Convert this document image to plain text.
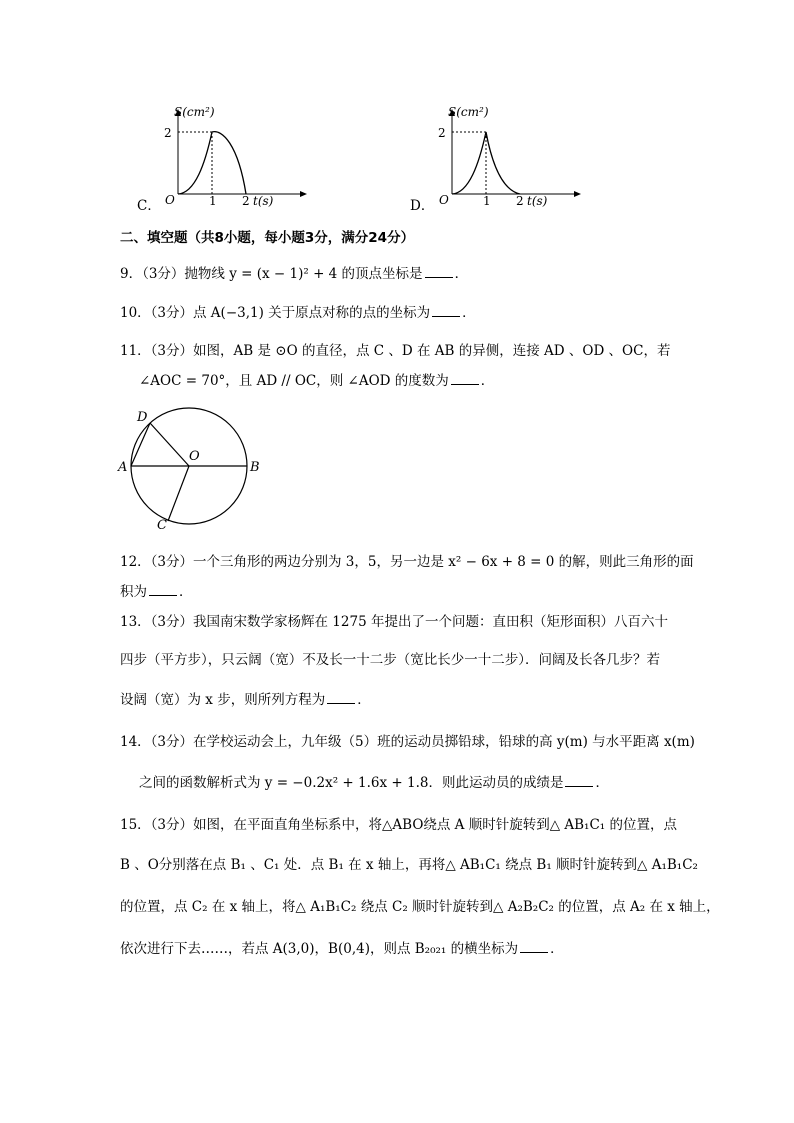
C．
S(cm²)
2
O	1 2 t(s)	D．
S(cm²)
2
O	1 2 t(s)
二、填空题（共8小题，每小题3分，满分24分）
9．（3分）抛物线 y = (x − 1)² + 4 的顶点坐标是 ．
10．（3分）点 A(−3,1) 关于原点对称的点的坐标为 ．
11．（3分）如图，AB 是 ⊙O 的直径，点 C 、D 在 AB 的异侧，连接 AD 、OD 、OC，若
∠AOC = 70°，且 AD // OC，则 ∠AOD 的度数为 ．
D
A
O
B
C
12．（3分）一个三角形的两边分别为 3，5，另一边是 x² − 6x + 8 = 0 的解，则此三角形的面
积为 ．
13．（3分）我国南宋数学家杨辉在 1275 年提出了一个问题：直田积（矩形面积）八百六十
四步（平方步），只云阔（宽）不及长一十二步（宽比长少一十二步）．问阔及长各几步？若
设阔（宽）为 x 步，则所列方程为 ．
14．（3分）在学校运动会上，九年级（5）班的运动员掷铅球，铅球的高 y(m) 与水平距离 x(m)
之间的函数解析式为 y = −0.2x² + 1.6x + 1.8．则此运动员的成绩是 ．
15．（3分）如图，在平面直角坐标系中，将△ABO绕点 A 顺时针旋转到△ AB₁C₁ 的位置，点
B 、O分别落在点 B₁ 、C₁ 处．点 B₁ 在 x 轴上，再将△ AB₁C₁ 绕点 B₁ 顺时针旋转到△ A₁B₁C₂
的位置，点 C₂ 在 x 轴上，将△ A₁B₁C₂ 绕点 C₂ 顺时针旋转到△ A₂B₂C₂ 的位置，点 A₂ 在 x 轴上，
依次进行下去……，若点 A(3,0)，B(0,4)，则点 B₂₀₂₁ 的横坐标为 ．
